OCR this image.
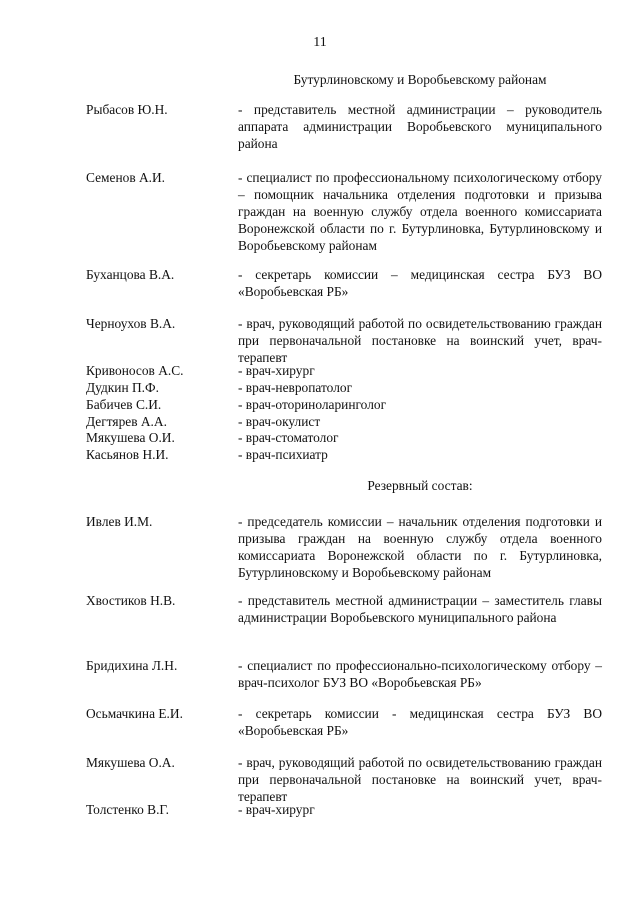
11
Бутурлиновскому и Воробьевскому районам
Рыбасов Ю.Н.	- представитель местной администрации – руководитель аппарата администрации Воробьевского муниципального района
Семенов А.И.	- специалист по профессиональному психологическому отбору – помощник начальника отделения подготовки и призыва граждан на военную службу отдела военного комиссариата Воронежской области по г. Бутурлиновка, Бутурлиновскому и Воробьевскому районам
Буханцова В.А.	- секретарь комиссии – медицинская сестра БУЗ ВО «Воробьевская РБ»
Черноухов В.А.	- врач, руководящий работой по освидетельствованию граждан при первоначальной постановке на воинский учет, врач-терапевт
Кривоносов А.С.	- врач-хирург
Дудкин П.Ф.	- врач-невропатолог
Бабичев С.И.	- врач-оториноларинголог
Дегтярев А.А.	- врач-окулист
Мякушева О.И.	- врач-стоматолог
Касьянов Н.И.	- врач-психиатр
Резервный состав:
Ивлев И.М.	- председатель комиссии – начальник отделения подготовки и призыва граждан на военную службу отдела военного комиссариата Воронежской области по г. Бутурлиновка, Бутурлиновскому и Воробьевскому районам
Хвостиков Н.В.	- представитель местной администрации – заместитель главы администрации Воробьевского муниципального района
Бридихина Л.Н.	- специалист по профессионально-психологическому отбору – врач-психолог БУЗ ВО «Воробьевская РБ»
Осьмачкина Е.И.	- секретарь комиссии - медицинская сестра БУЗ ВО «Воробьевская РБ»
Мякушева О.А.	- врач, руководящий работой по освидетельствованию граждан при первоначальной постановке на воинский учет, врач-терапевт
Толстенко В.Г.	- врач-хирург
